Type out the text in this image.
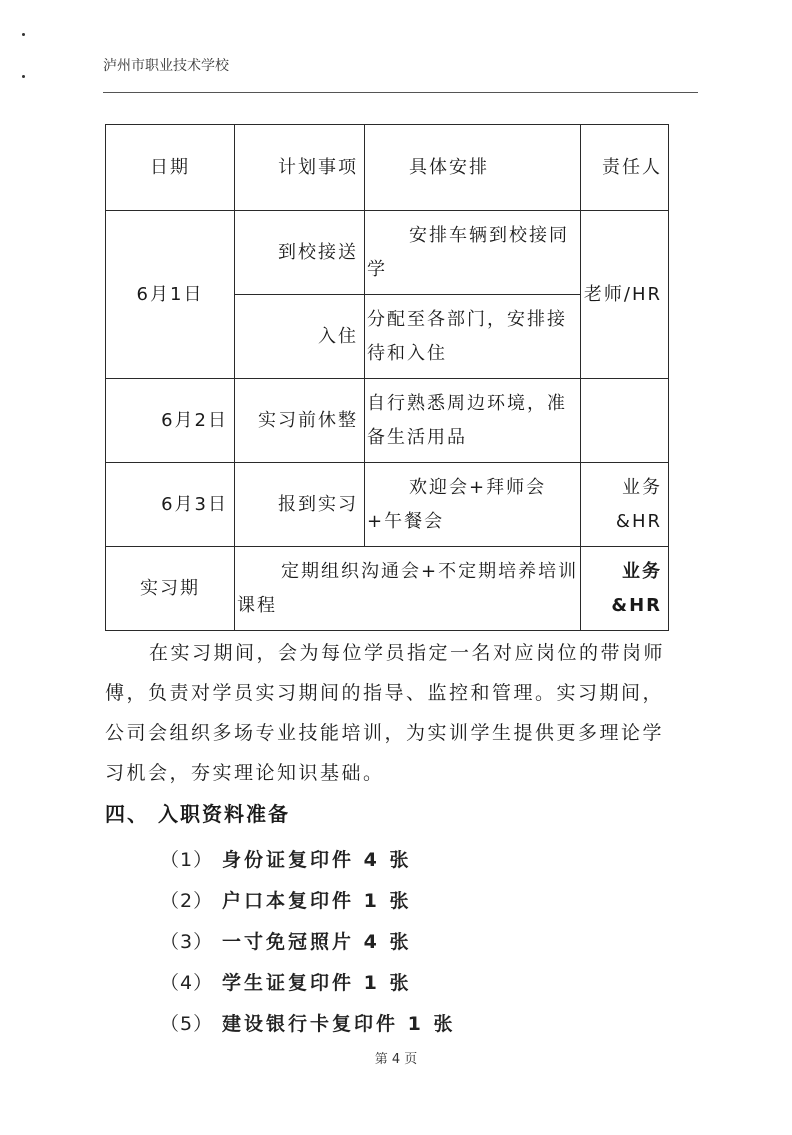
泸州市职业技术学校
日期	计划事项	具体安排	责任人
6月1日	到校接送	安排车辆到校接同学	老师/HR
	入住	分配至各部门，安排接待和入住	
6月2日	实习前休整	自行熟悉周边环境，准备生活用品	
6月3日	报到实习	欢迎会+拜师会+午餐会	业务&HR
实习期	定期组织沟通会+不定期培养培训课程		业务&HR

在实习期间，会为每位学员指定一名对应岗位的带岗师傅，负责对学员实习期间的指导、监控和管理。实习期间，公司会组织多场专业技能培训，为实训学生提供更多理论学习机会，夯实理论知识基础。

四、 入职资料准备
（1） 身份证复印件 4 张
（2） 户口本复印件 1 张
（3） 一寸免冠照片 4 张
（4） 学生证复印件 1 张
（5） 建设银行卡复印件 1 张
第 4 页
